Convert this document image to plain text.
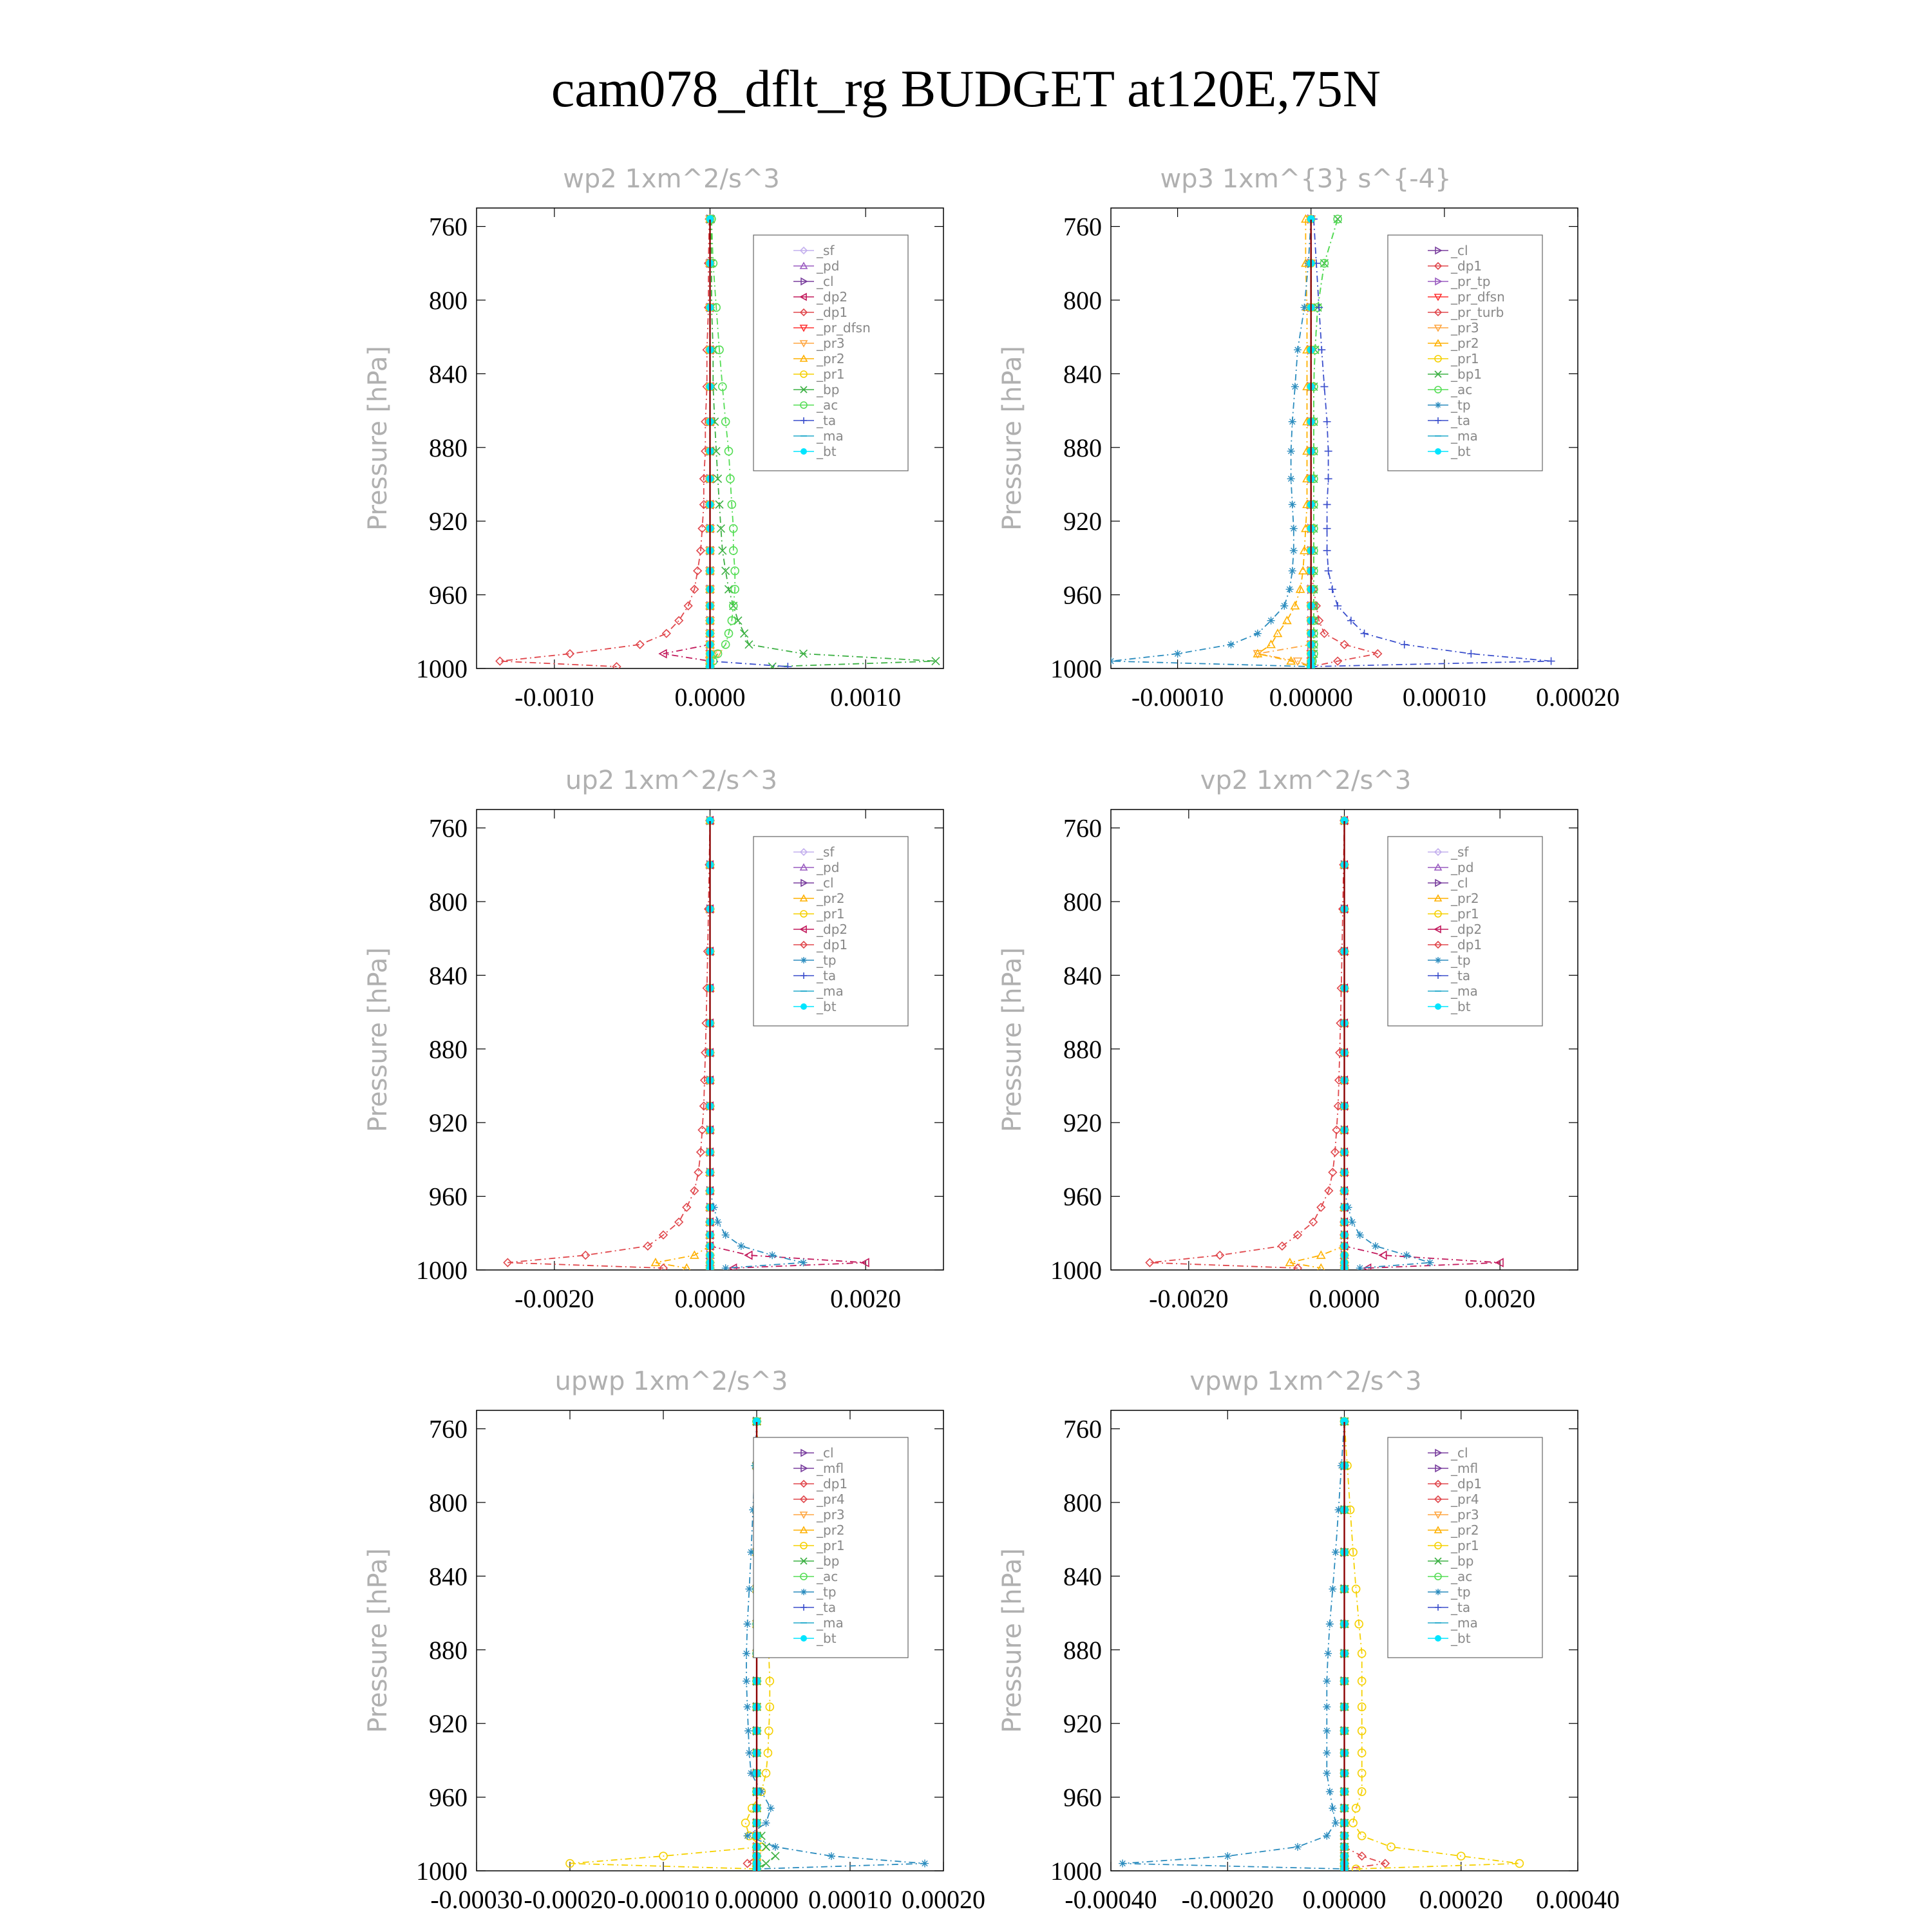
cam078_dflt_rg BUDGET at120E,75N
wp2 1xm^2/s^3
Pressure [hPa]
760
800
840
880
920
960
1000
-0.0010	0.0000	0.0010
_sf
_pd
_cl
_dp2
_dp1
_pr_dfsn
_pr3
_pr2
_pr1
_bp
_ac
_ta
_ma
_bt
wp3 1xm^{3} s^{-4}
Pressure [hPa]
760
800
840
880
920
960
1000
-0.00010 0.00000 0.00010 0.00020
_cl
_dp1
_pr_tp
_pr_dfsn
_pr_turb
_pr3
_pr2
_pr1
_bp1
_ac
_tp
_ta
_ma
_bt
up2 1xm^2/s^3
Pressure [hPa]
760
800
840
880
920
960
1000
-0.0020	0.0000	0.0020
_sf
_pd
_cl
_pr2
_pr1
_dp2
_dp1
_tp
_ta
_ma
_bt
vp2 1xm^2/s^3
Pressure [hPa]
760
800
840
880
920
960
1000
-0.0020	0.0000	0.0020
_sf
_pd
_cl
_pr2
_pr1
_dp2
_dp1
_tp
_ta
_ma
_bt
upwp 1xm^2/s^3
Pressure [hPa]
760
800
840
880
920
960
1000
-0.00030 -0.00020 -0.00010 0.00000 0.00010 0.00020
_cl
_mfl
_dp1
_pr4
_pr3
_pr2
_pr1
_bp
_ac
_tp
_ta
_ma
_bt
vpwp 1xm^2/s^3
Pressure [hPa]
760
800
840
880
920
960
1000
-0.00040 -0.00020 0.00000 0.00020 0.00040
_cl
_mfl
_dp1
_pr4
_pr3
_pr2
_pr1
_bp
_ac
_tp
_ta
_ma
_bt
